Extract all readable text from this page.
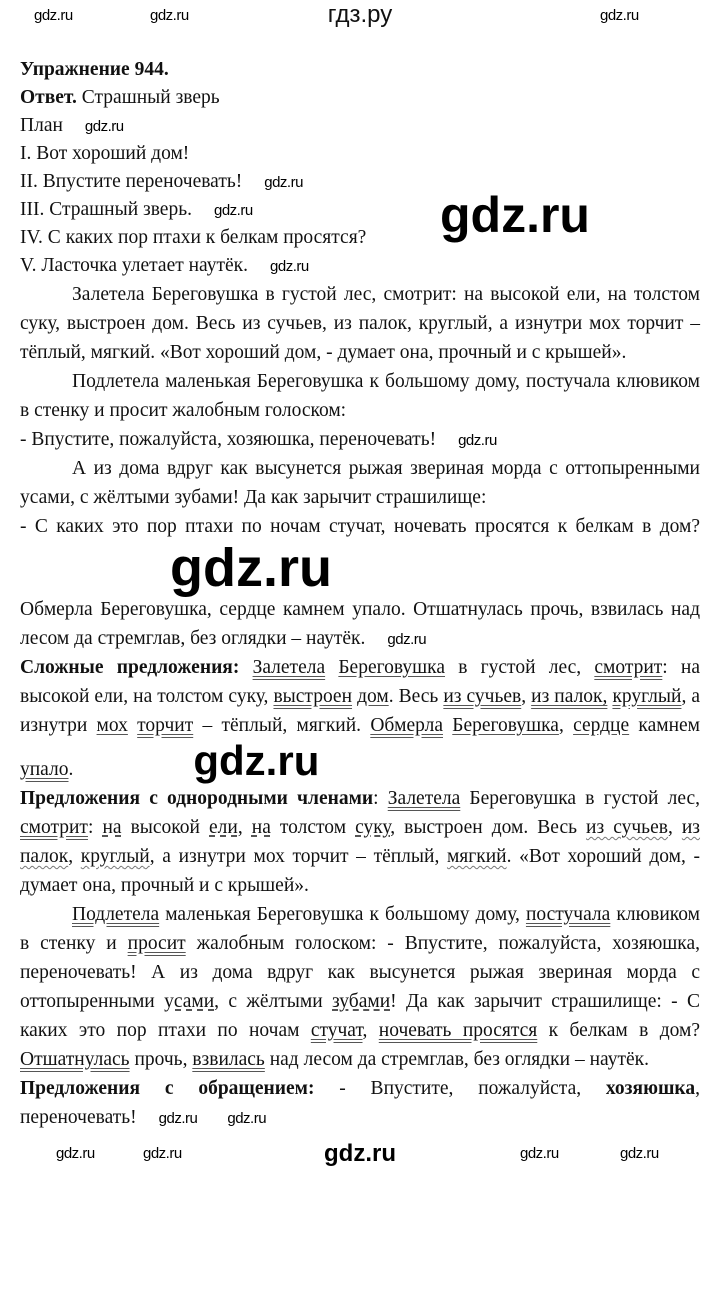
gdz.ru	gdz.ru	гдз.ру	gdz.ru

Упражнение 944.

Ответ. Страшный зверь

План gdz.ru

I. Вот хороший дом!

II. Впустите переночевать! gdz.ru

III. Страшный зверь. gdz.ru

IV. С каких пор птахи к белкам просятся?

V. Ласточка улетает наутёк. gdz.ru

gdz.ru

Залетела Береговушка в густой лес, смотрит: на высокой ели, на толстом суку, выстроен дом. Весь из сучьев, из палок, круглый, а изнутри мох торчит – тёплый, мягкий. «Вот хороший дом, - думает она, прочный и с крышей».

Подлетела маленькая Береговушка к большому дому, постучала клювиком в стенку и просит жалобным голоском:

- Впустите, пожалуйста, хозяюшка, переночевать! gdz.ru

А из дома вдруг как высунется рыжая звериная морда с оттопыренными усами, с жёлтыми зубами! Да как зарычит страшилище:

- С каких это пор птахи по ночам стучат, ночевать просятся к белкам в дом?gdz.ru

Обмерла Береговушка, сердце камнем упало. Отшатнулась прочь, взвилась над лесом да стремглав, без оглядки – наутёк. gdz.ru

Сложные предложения: Залетела Береговушка в густой лес, смотрит: на высокой ели, на толстом суку, выстроен дом. Весь из сучьев, из палок, круглый, а изнутри мох торчит – тёплый, мягкий. Обмерла Береговушка, сердце камнем упало.	gdz.ru

Предложения с однородными членами: Залетела Береговушка в густой лес, смотрит: на высокой ели, на толстом суку, выстроен дом. Весь из сучьев, из палок, круглый, а изнутри мох торчит – тёплый, мягкий. «Вот хороший дом, - думает она, прочный и с крышей».

Подлетела маленькая Береговушка к большому дому, постучала клювиком в стенку и просит жалобным голоском: - Впустите, пожалуйста, хозяюшка, переночевать! А из дома вдруг как высунется рыжая звериная морда с оттопыренными усами, с жёлтыми зубами! Да как зарычит страшилище: - С каких это пор птахи по ночам стучат, ночевать просятся к белкам в дом? Отшатнулась прочь, взвилась над лесом да стремглав, без оглядки – наутёк.

Предложения с обращением: - Впустите, пожалуйста, хозяюшка, переночевать! gdz.ru gdz.ru

gdz.ru	gdz.ru	gdz.ru	gdz.ru	gdz.ru
